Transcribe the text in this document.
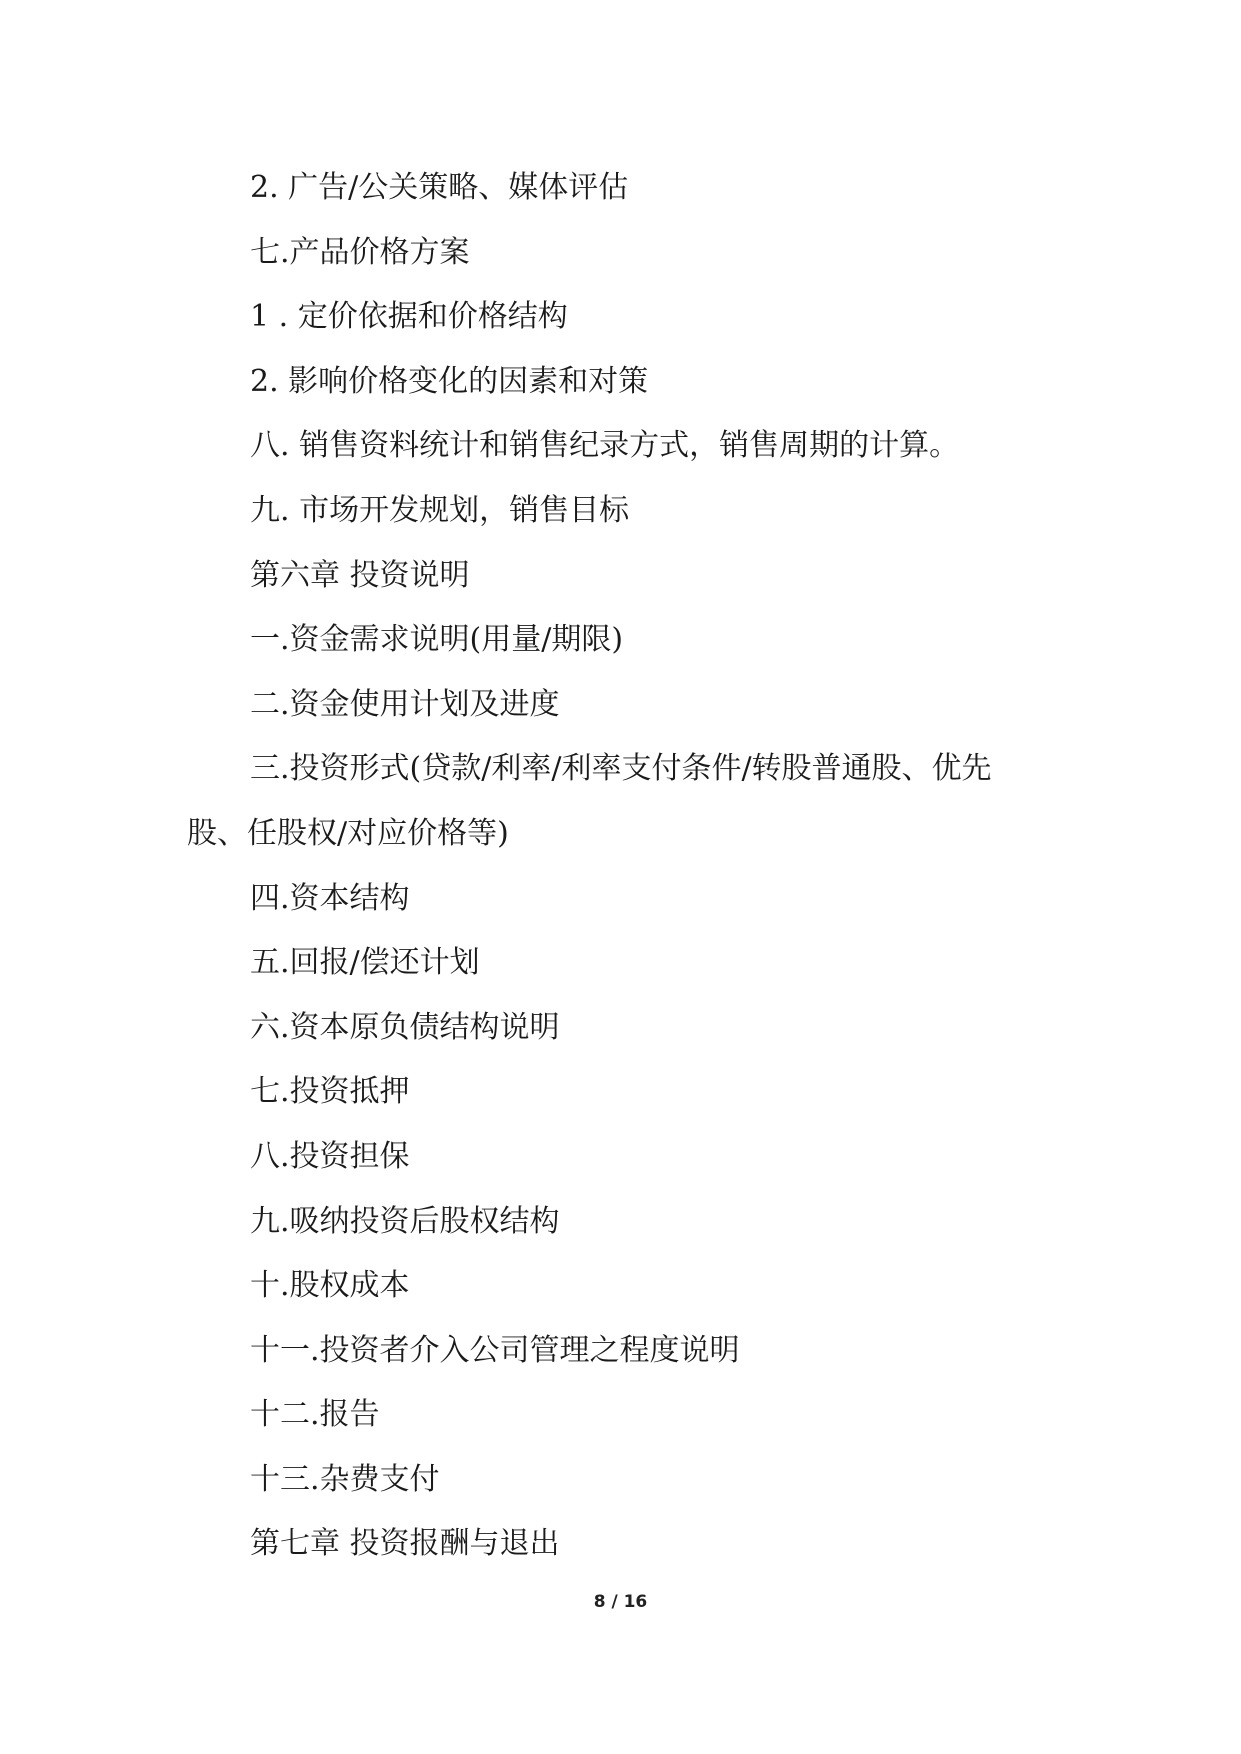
2. 广告/公关策略、媒体评估

七.产品价格方案

1 . 定价依据和价格结构

2. 影响价格变化的因素和对策

八. 销售资料统计和销售纪录方式，销售周期的计算。

九. 市场开发规划，销售目标

第六章 投资说明

一.资金需求说明(用量/期限)

二.资金使用计划及进度

三.投资形式(贷款/利率/利率支付条件/转股普通股、优先

股、任股权/对应价格等)

四.资本结构

五.回报/偿还计划

六.资本原负债结构说明

七.投资抵押

八.投资担保

九.吸纳投资后股权结构

十.股权成本

十一.投资者介入公司管理之程度说明

十二.报告

十三.杂费支付

第七章 投资报酬与退出

8 / 16
